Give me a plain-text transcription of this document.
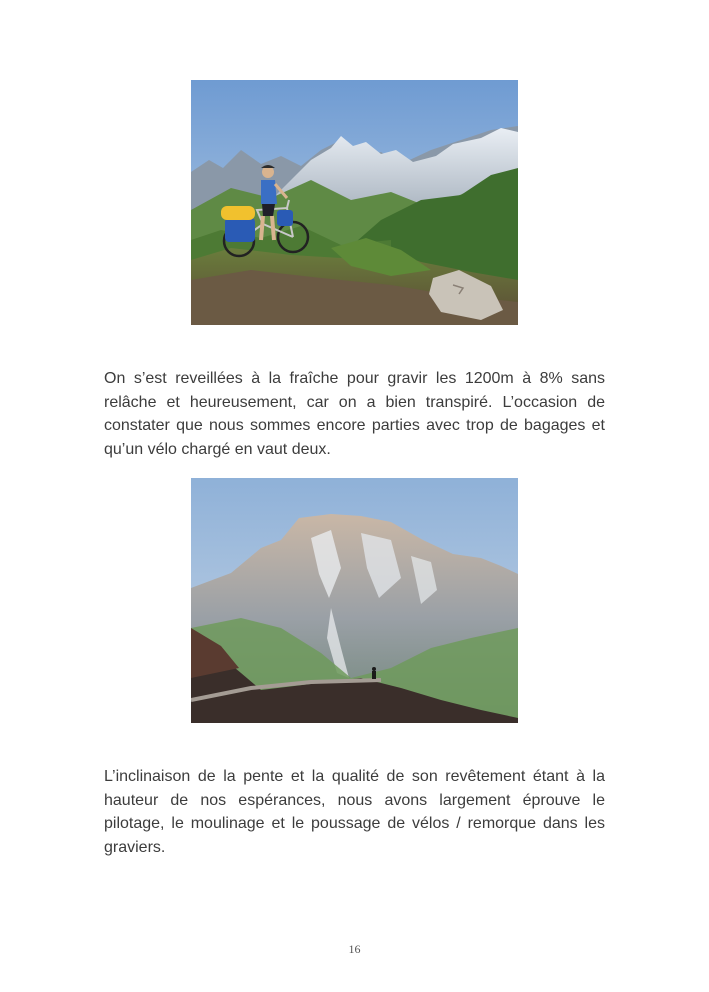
On s’est reveillées à la fraîche pour gravir les 1200m à 8% sans relâche et heureusement, car on a bien transpiré. L’occasion de constater que nous sommes encore parties avec trop de bagages et qu’un vélo chargé en vaut deux.

L’inclinaison de la pente et la qualité de son revêtement étant à la hauteur de nos espérances, nous avons largement éprouve le pilotage, le moulinage et le poussage de vélos / remorque dans les graviers.

16
